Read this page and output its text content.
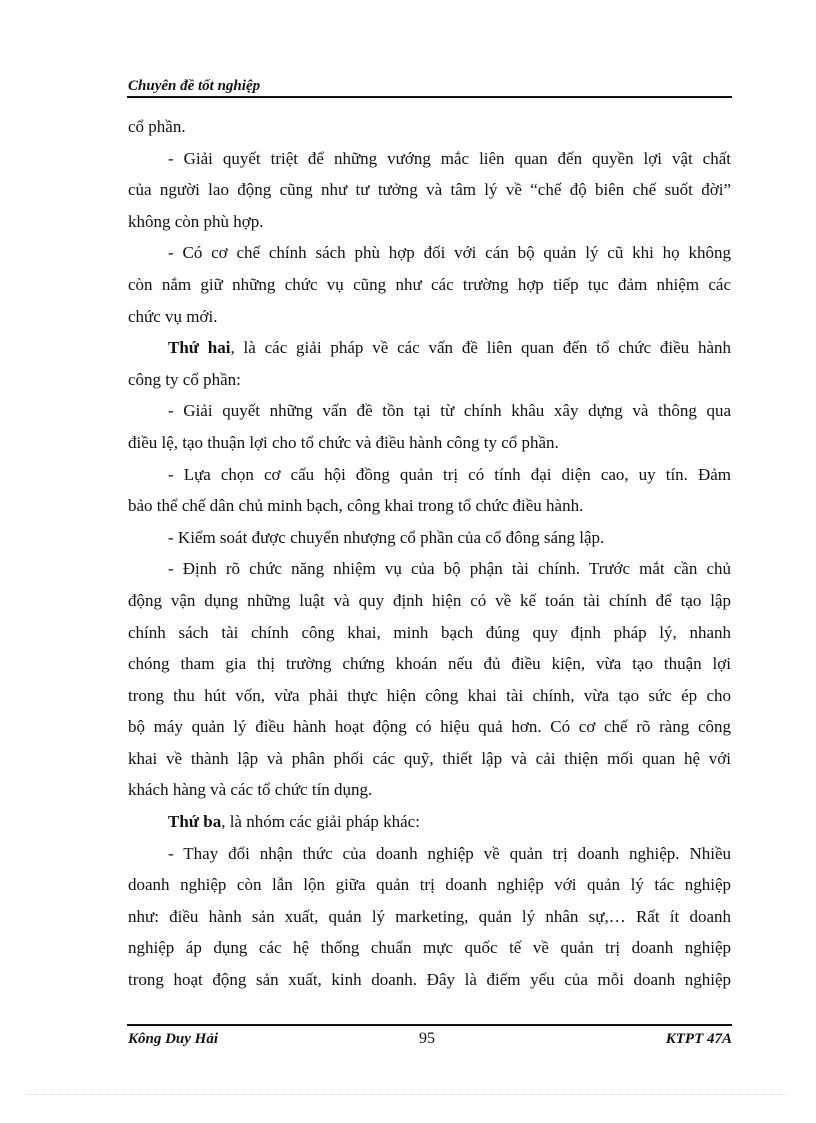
Chuyên đề tốt nghiệp
cổ phần.
- Giải quyết triệt để những vướng mắc liên quan đến quyền lợi vật chất
của người lao động cũng như tư tưởng và tâm lý về “chế độ biên chế suốt đời”
không còn phù hợp.
- Có cơ chế chính sách phù hợp đối với cán bộ quản lý cũ khi họ không
còn nắm giữ những chức vụ cũng như các trường hợp tiếp tục đảm nhiệm các
chức vụ mới.
Thứ hai, là các giải pháp về các vấn đề liên quan đến tổ chức điều hành
công ty cổ phần:
- Giải quyết những vấn đề tồn tại từ chính khâu xây dựng và thông qua
điều lệ, tạo thuận lợi cho tổ chức và điều hành công ty cổ phần.
- Lựa chọn cơ cấu hội đồng quản trị có tính đại diện cao, uy tín. Đảm
bảo thể chế dân chủ minh bạch, công khai trong tổ chức điều hành.
- Kiểm soát được chuyển nhượng cổ phần của cổ đông sáng lập.
- Định rõ chức năng nhiệm vụ của bộ phận tài chính. Trước mắt cần chủ
động vận dụng những luật và quy định hiện có về kế toán tài chính để tạo lập
chính sách tài chính công khai, minh bạch đúng quy định pháp lý, nhanh
chóng tham gia thị trường chứng khoán nếu đủ điều kiện, vừa tạo thuận lợi
trong thu hút vốn, vừa phải thực hiện công khai tài chính, vừa tạo sức ép cho
bộ máy quản lý điều hành hoạt động có hiệu quả hơn. Có cơ chế rõ ràng công
khai về thành lập và phân phối các quỹ, thiết lập và cải thiện mối quan hệ với
khách hàng và các tổ chức tín dụng.
Thứ ba, là nhóm các giải pháp khác:
- Thay đổi nhận thức của doanh nghiệp về quản trị doanh nghiệp. Nhiều
doanh nghiệp còn lẫn lộn giữa quản trị doanh nghiệp với quản lý tác nghiệp
như: điều hành sản xuất, quản lý marketing, quản lý nhân sự,… Rất ít doanh
nghiệp áp dụng các hệ thống chuẩn mực quốc tế về quản trị doanh nghiệp
trong hoạt động sản xuất, kinh doanh. Đây là điểm yếu của mỗi doanh nghiệp
Kông Duy Hải	95	KTPT 47A
